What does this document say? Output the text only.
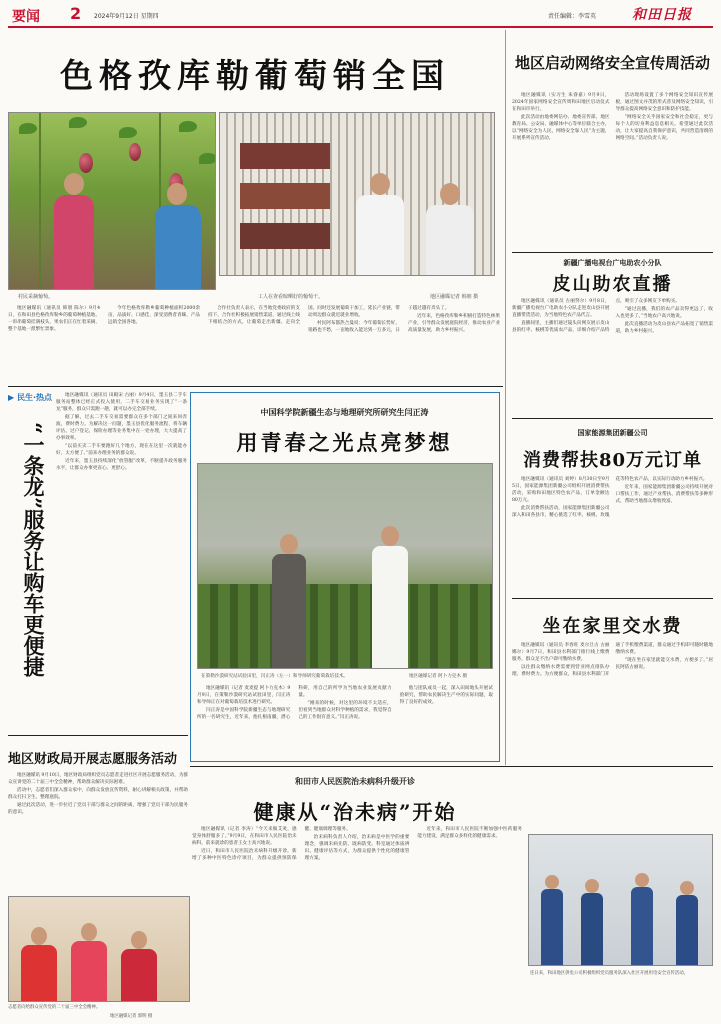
要闻 2 2024年9月12日 星期四	责任编辑：李雪英	和田日报
色格孜库勒葡萄销全国
村民采摘葡萄。	工人在查看晾晒好的葡萄干。	地区融媒记者 韩朋 摄

地区融媒讯（通讯员 韩朋 陈尔）9月4日，在和田县色格孜库勒乡的葡萄种植基地，一串串葡萄挂满枝头，果农们正在忙着采摘，整个基地一派繁忙景象。

今年色格孜库勒乡葡萄种植面积2000余亩，品质好、口感佳，深受消费者青睐，产品远销全国各地。

合作社负责人表示，在当地党委政府的支持下，合作社积极拓展销售渠道，通过线上线下相结合的方式，让葡萄走出新疆、走向全国。同时还发展葡萄干加工，延长产业链，带动周边群众就近就业增收。

村民阿布都热合曼说：今年葡萄长势好，销路也不愁，一亩地收入能达到一万多元，日子越过越有奔头了。

近年来，色格孜库勒乡积极打造特色林果产业，引导群众发展庭院经济，推动农业产业高质量发展，助力乡村振兴。

▶ 民生·热点
“一条龙”服务让购车更便捷

地区融媒讯（通讯员 田殿宋 古丽）9月4日，墨玉县二手车服务站整体已经正式投入使用，二手车交易业务实现了“一条龙”服务，群众只需跑一趟，就可以办完全部手续。

据了解，过去二手车交易需要群众在多个部门之间来回奔波，费时费力。为解决这一问题，墨玉县优化服务流程，将车辆评估、过户登记、保险办理等业务集中在一处办理，大大提高了办事效率。

“以前买卖二手车要跑好几个地方，现在在这里一次就能办好，太方便了。”前来办理业务的群众说。

近年来，墨玉县持续深化“放管服”改革，不断提升政务服务水平，让群众办事更省心、更舒心。

地区财政局开展志愿服务活动

地区融媒讯 9月10日，地区财政局组织党员志愿者走进社区开展志愿服务活动，为群众宣讲党的二十届三中全会精神，帮助群众解决实际困难。

活动中，志愿者们深入群众家中，向群众发放宣传资料，耐心讲解相关政策，并帮助群众打扫卫生、整理庭院。

通过此次活动，进一步拉近了党员干部与群众之间的距离，增强了党员干部为民服务的意识。

志愿者向给群众宣传党的二十届三中全会精神。
地区融媒记者 郭明 摄
中国科学院新疆生态与地理研究所研究生闫正涛
用青春之光点亮梦想
在策勒沙漠研究站试验田里，闫正涛（左一）和导师研究葡萄栽培技术。	地区融媒记者 阿卜力克木 摄

地区融媒讯（记者 麦麦提 阿卜力克木）9月9日，在策勒沙漠研究站试验田里，闫正涛和导师正在对葡萄栽培技术进行研究。

闫正涛是中国科学院新疆生态与地理研究所的一名研究生，近年来，他扎根南疆，潜心科研，用自己的所学为当地农业发展贡献力量。

“刚来的时候，对这里的环境不太适应，但看到当地群众对科学种植的需求，我觉得自己的工作很有意义。”闫正涛说。

他与团队成员一起，深入田间地头开展试验研究，帮助农民解决生产中的实际问题，取得了良好的成效。

和田市人民医院治未病科升级开诊
健康从“治未病”开始

地区融媒讯（记者 李涛）“今天来做艾灸，感觉身体舒服多了。”9月9日，在和田市人民医院治未病科，前来就诊的患者王女士高兴地说。

近日，和田市人民医院治未病科升级开诊，新增了多种中医特色诊疗项目，为群众提供预防保健、健康调理等服务。

治未病科负责人介绍，治未病是中医学的重要理念，强调未病先防、既病防变。科室通过体质辨识、健康评估等方式，为群众提供个性化的健康管理方案。

近年来，和田市人民医院不断加强中医药服务能力建设，满足群众多样化的健康需求。

连日来，和田地区供电公司积极组织党员服务队深入社区开展用电安全宣传活动。
地区启动网络安全宣传周活动

地区融媒讯（实习生 朱睿嘉）9月9日，2024年国家网络安全宣传周和田地区启动仪式在和田市举行。

此次活动由地委网信办、地委宣传部、地区教育局、公安局、融媒体中心等单位联合主办，以“网络安全为人民，网络安全靠人民”为主题，开展系列宣传活动。

活动现场设置了多个网络安全知识宣传展板，通过图文并茂的形式普及网络安全知识，引导群众提高网络安全意识和防护技能。

“网络安全关乎国家安全和社会稳定，更与每个人的切身利益息息相关。希望通过此次活动，让大家提高自我保护意识，共同营造清朗的网络空间。”活动负责人说。

新疆广播电视台广电助农小分队
皮山助农直播

地区融媒讯（通讯员 古丽努尔）9月8日，新疆广播电视台广电助农小分队走进皮山县开展直播带货活动，为当地特色农产品代言。

直播间里，主播们通过镜头向网友展示皮山县的红枣、核桃等优质农产品，详细介绍产品特点，吸引了众多网友下单购买。

“通过直播，我们的农产品卖得更远了，收入也更多了。”当地农户高兴地说。

此次直播活动为皮山县农产品拓宽了销售渠道，助力乡村振兴。

国家能源集团新疆公司
消费帮扶80万元订单

地区融媒讯（通讯员 刘婷）8月30日至9月5日，国家能源集团新疆公司组织开展消费帮扶活动，采购和田地区特色农产品，订单金额达80万元。

此次消费帮扶活动，国家能源集团新疆公司深入和田各县市，精心挑选了红枣、核桃、玫瑰花等特色农产品，以实际行动助力乡村振兴。

近年来，国家能源集团新疆公司持续开展对口帮扶工作，通过产业帮扶、消费帮扶等多种形式，帮助当地群众增收致富。

坐在家里交水费

地区融媒讯（通讯员 李春旺 麦尔旦古 古丽娜尔）9月7日，和田县水利部门推行线上缴费服务，群众足不出户即可缴纳水费。

以往群众缴纳水费需要到营业网点排队办理，费时费力。为方便群众，和田县水利部门开通了手机缴费渠道，群众通过手机即可随时随地缴纳水费。

“现在坐在家里就能交水费，方便多了。”居民阿依古丽说。
